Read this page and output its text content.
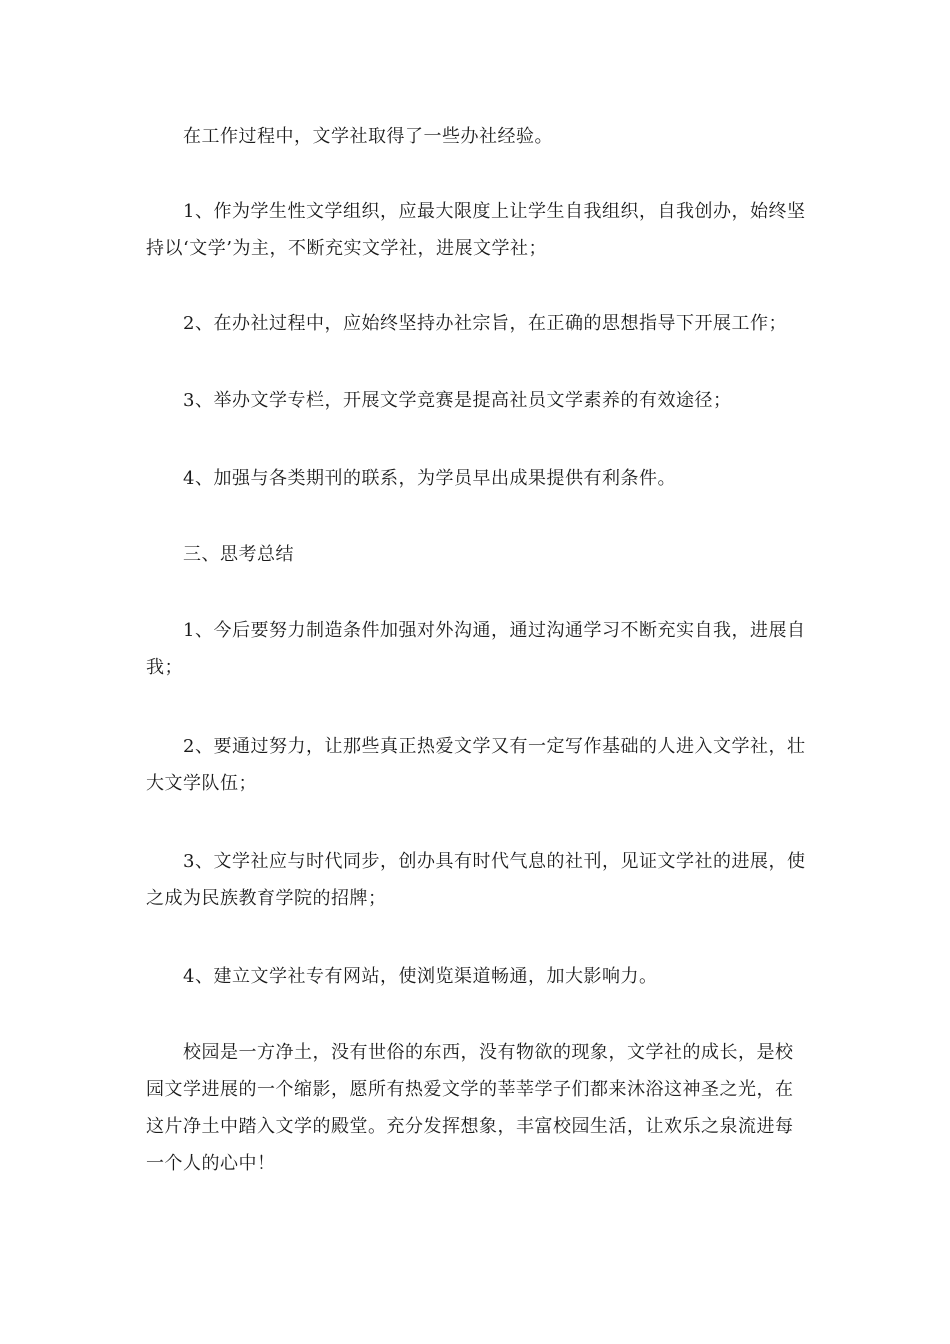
在工作过程中，文学社取得了一些办社经验。

1、作为学生性文学组织，应最大限度上让学生自我组织，自我创办，始终坚持以‘文学’为主，不断充实文学社，进展文学社；

2、在办社过程中，应始终坚持办社宗旨，在正确的思想指导下开展工作；

3、举办文学专栏，开展文学竞赛是提高社员文学素养的有效途径；

4、加强与各类期刊的联系，为学员早出成果提供有利条件。

三、思考总结

1、今后要努力制造条件加强对外沟通，通过沟通学习不断充实自我，进展自我；

2、要通过努力，让那些真正热爱文学又有一定写作基础的人进入文学社，壮大文学队伍；

3、文学社应与时代同步，创办具有时代气息的社刊，见证文学社的进展，使之成为民族教育学院的招牌；

4、建立文学社专有网站，使浏览渠道畅通，加大影响力。

校园是一方净土，没有世俗的东西，没有物欲的现象，文学社的成长，是校园文学进展的一个缩影，愿所有热爱文学的莘莘学子们都来沐浴这神圣之光，在这片净土中踏入文学的殿堂。充分发挥想象，丰富校园生活，让欢乐之泉流进每一个人的心中！
